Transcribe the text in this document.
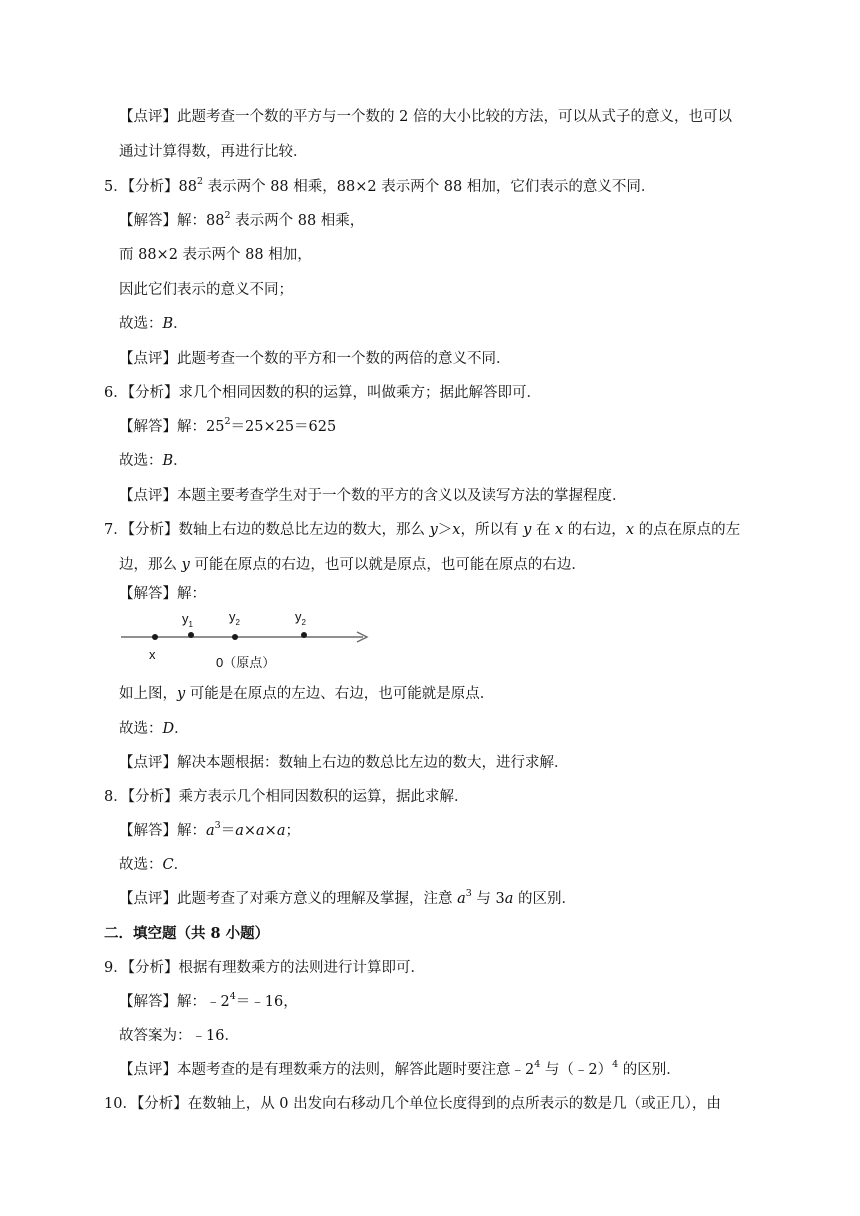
【点评】此题考查一个数的平方与一个数的 2 倍的大小比较的方法，可以从式子的意义，也可以
通过计算得数，再进行比较．
5．【分析】$88^2$ 表示两个 88 相乘，88×2 表示两个 88 相加，它们表示的意义不同．
【解答】解：$88^2$ 表示两个 88 相乘，
而 88×2 表示两个 88 相加，
因此它们表示的意义不同；
故选：B．
【点评】此题考查一个数的平方和一个数的两倍的意义不同．
6．【分析】求几个相同因数的积的运算，叫做乘方；据此解答即可．
【解答】解：$25^2=25\times 25=625$
故选：B．
【点评】本题主要考查学生对于一个数的平方的含义以及读写方法的掌握程度．
7．【分析】数轴上右边的数总比左边的数大，那么 y＞x，所以有 y 在 x 的右边，x 的点在原点的左
边，那么 y 可能在原点的右边，也可以就是原点，也可能在原点的右边．
【解答】解：
x
$y_1$
$y_2$	$y_2$
0（原点）
如上图，y 可能是在原点的左边、右边，也可能就是原点．
故选：D．
【点评】解决本题根据：数轴上右边的数总比左边的数大，进行求解．
8．【分析】乘方表示几个相同因数积的运算，据此求解．
【解答】解：$a^3=a\times a\times a$；
故选：C．
【点评】此题考查了对乘方意义的理解及掌握，注意 $a^3$ 与 3a 的区别．
二．填空题（共 8 小题）
9．【分析】根据有理数乘方的法则进行计算即可．
【解答】解：$﹣2^4=﹣16$，
故答案为：﹣16．
【点评】本题考查的是有理数乘方的法则，解答此题时要注意$﹣2^4$ 与（﹣2）$^4$ 的区别．
10．【分析】在数轴上，从 0 出发向右移动几个单位长度得到的点所表示的数是几（或正几），由
